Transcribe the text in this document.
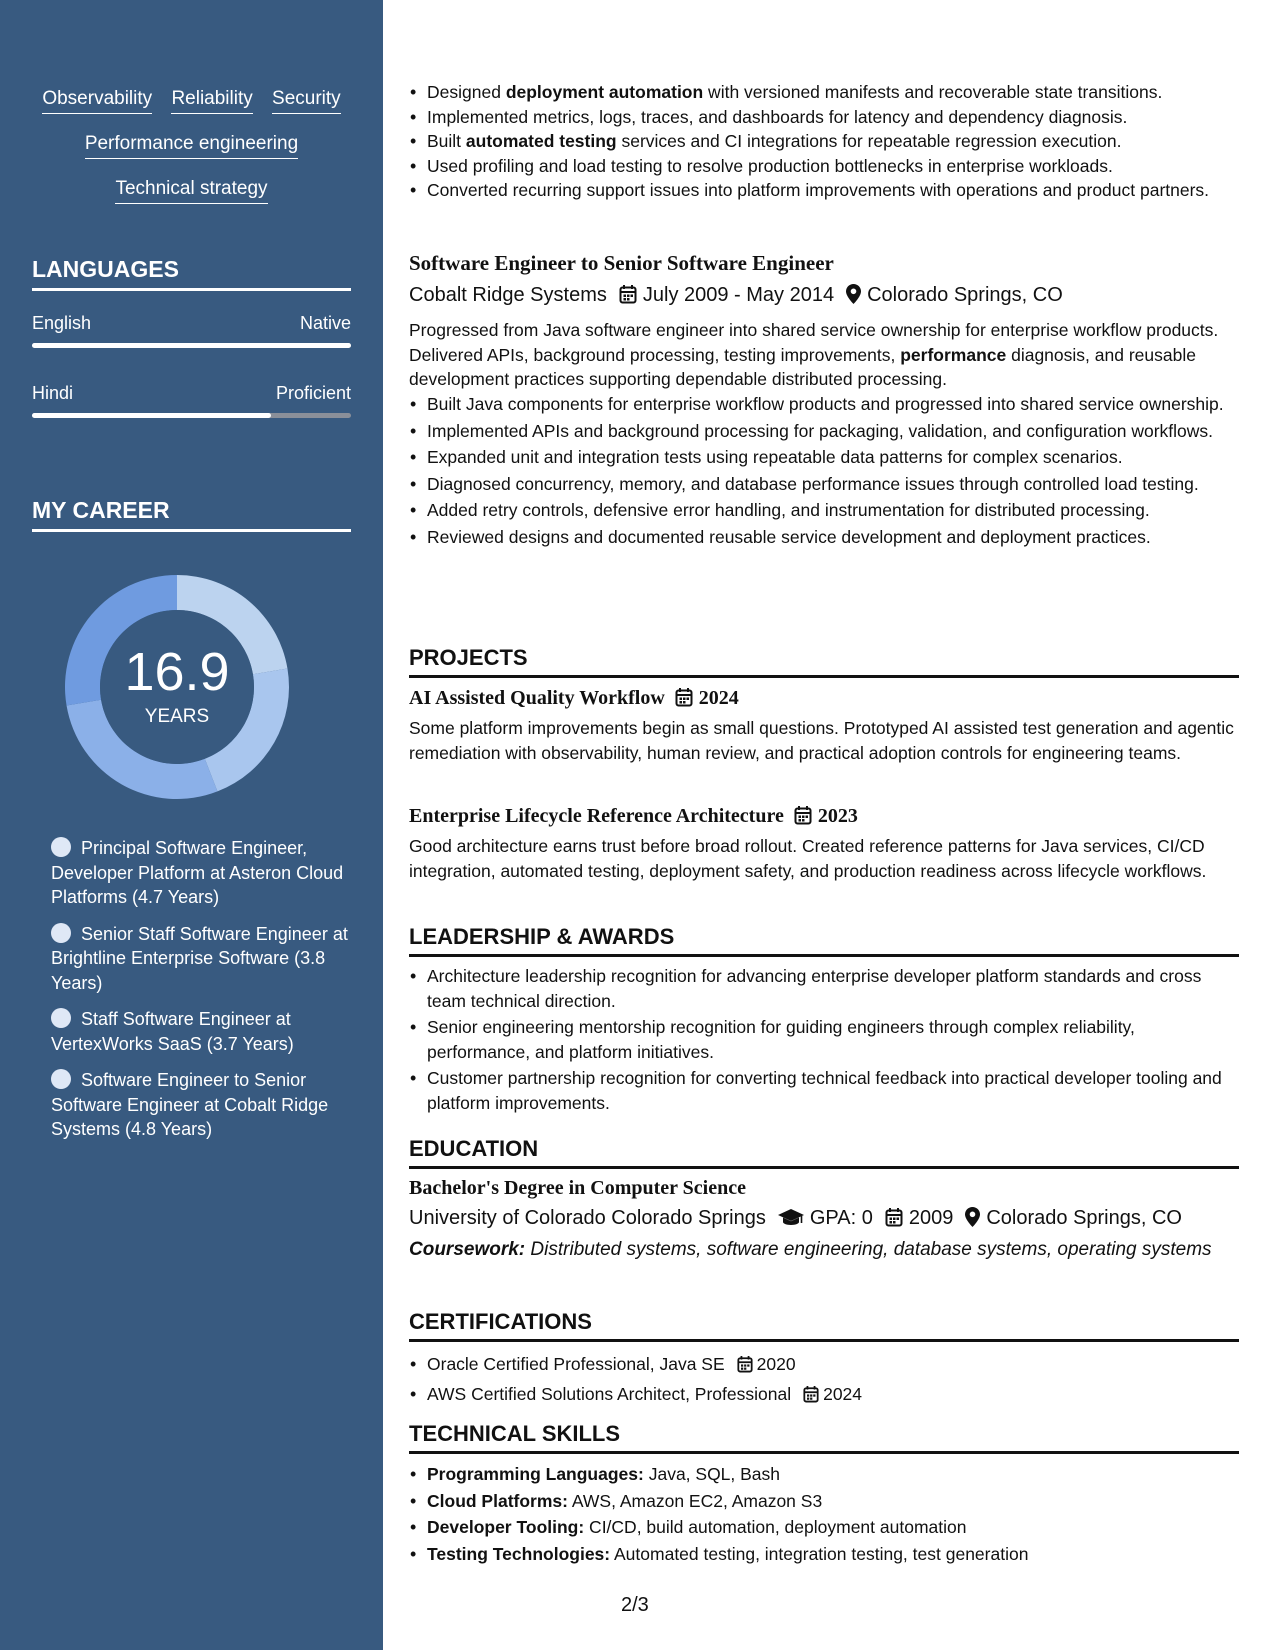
Observability Reliability Security
Performance engineering
Technical strategy
LANGUAGES
English	Native
Hindi	Proficient
MY CAREER
16.9
YEARS
Principal Software Engineer, Developer Platform at Asteron Cloud Platforms (4.7 Years)
Senior Staff Software Engineer at Brightline Enterprise Software (3.8 Years)
Staff Software Engineer at VertexWorks SaaS (3.7 Years)
Software Engineer to Senior Software Engineer at Cobalt Ridge Systems (4.8 Years)
• Designed deployment automation with versioned manifests and recoverable state transitions.
• Implemented metrics, logs, traces, and dashboards for latency and dependency diagnosis.
• Built automated testing services and CI integrations for repeatable regression execution.
• Used profiling and load testing to resolve production bottlenecks in enterprise workloads.
• Converted recurring support issues into platform improvements with operations and product partners.
Software Engineer to Senior Software Engineer
Cobalt Ridge Systems July 2009 - May 2014 Colorado Springs, CO
Progressed from Java software engineer into shared service ownership for enterprise workflow products. Delivered APIs, background processing, testing improvements, performance diagnosis, and reusable development practices supporting dependable distributed processing.
• Built Java components for enterprise workflow products and progressed into shared service ownership.
• Implemented APIs and background processing for packaging, validation, and configuration workflows.
• Expanded unit and integration tests using repeatable data patterns for complex scenarios.
• Diagnosed concurrency, memory, and database performance issues through controlled load testing.
• Added retry controls, defensive error handling, and instrumentation for distributed processing.
• Reviewed designs and documented reusable service development and deployment practices.
PROJECTS
AI Assisted Quality Workflow 2024
Some platform improvements begin as small questions. Prototyped AI assisted test generation and agentic remediation with observability, human review, and practical adoption controls for engineering teams.
Enterprise Lifecycle Reference Architecture 2023
Good architecture earns trust before broad rollout. Created reference patterns for Java services, CI/CD integration, automated testing, deployment safety, and production readiness across lifecycle workflows.
LEADERSHIP & AWARDS
• Architecture leadership recognition for advancing enterprise developer platform standards and cross team technical direction.
• Senior engineering mentorship recognition for guiding engineers through complex reliability, performance, and platform initiatives.
• Customer partnership recognition for converting technical feedback into practical developer tooling and platform improvements.
EDUCATION
Bachelor's Degree in Computer Science
University of Colorado Colorado Springs GPA: 0 2009 Colorado Springs, CO
Coursework: Distributed systems, software engineering, database systems, operating systems
CERTIFICATIONS
• Oracle Certified Professional, Java SE 2020
• AWS Certified Solutions Architect, Professional 2024
TECHNICAL SKILLS
• Programming Languages: Java, SQL, Bash
• Cloud Platforms: AWS, Amazon EC2, Amazon S3
• Developer Tooling: CI/CD, build automation, deployment automation
• Testing Technologies: Automated testing, integration testing, test generation
2/3
